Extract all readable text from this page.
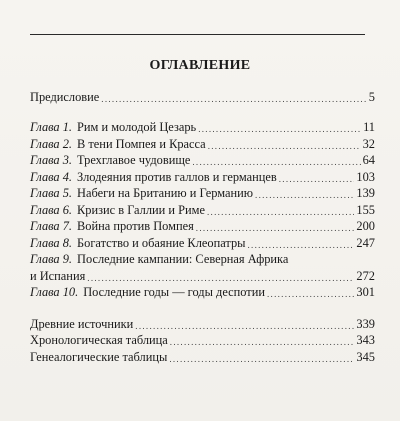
ОГЛАВЛЕНИЕ
Предисловие .....	5
Глава 1. Рим и молодой Цезарь .....	11
Глава 2. В тени Помпея и Красса .....	32
Глава 3. Трехглавое чудовище .....	64
Глава 4. Злодеяния против галлов и германцев .....	103
Глава 5. Набеги на Британию и Германию .....	139
Глава 6. Кризис в Галлии и Риме .....	155
Глава 7. Война против Помпея .....	200
Глава 8. Богатство и обаяние Клеопатры .....	247
Глава 9. Последние кампании: Северная Африка
и Испания .....	272
Глава 10. Последние годы — годы деспотии .....	301
Древние источники .....	339
Хронологическая таблица .....	343
Генеалогические таблицы .....	345
